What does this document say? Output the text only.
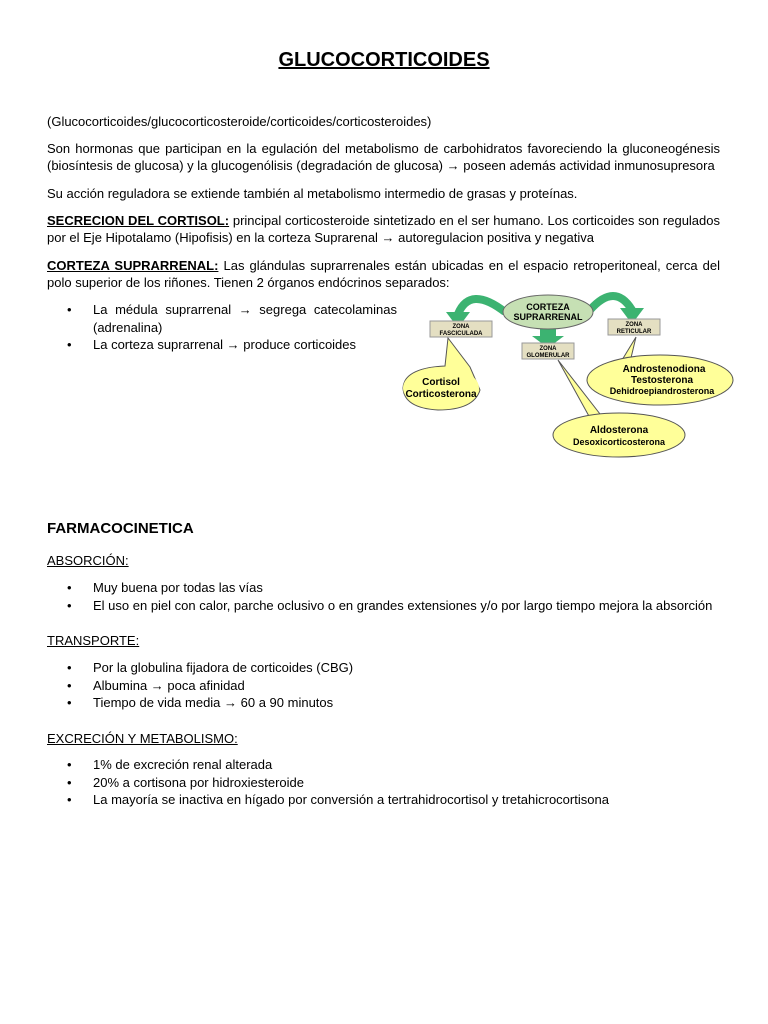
GLUCOCORTICOIDES

(Glucocorticoides/glucocorticosteroide/corticoides/corticosteroides)

Son hormonas que participan en la egulación del metabolismo de carbohidratos favoreciendo la gluconeogénesis (biosíntesis de glucosa) y la glucogenólisis (degradación de glucosa) → poseen además actividad inmunosupresora

Su acción reguladora se extiende también al metabolismo intermedio de grasas y proteínas.

SECRECION DEL CORTISOL: principal corticosteroide sintetizado en el ser humano. Los corticoides son regulados por el Eje Hipotalamo (Hipofisis) en la corteza Suprarenal → autoregulacion positiva y negativa

CORTEZA SUPRARRENAL: Las glándulas suprarrenales están ubicadas en el espacio retroperitoneal, cerca del polo superior de los riñones. Tienen 2 órganos endócrinos separados:

• La médula suprarrenal → segrega catecolaminas (adrenalina)
• La corteza suprarrenal → produce corticoides
CORTEZA
SUPRARRENAL
ZONA
FASCICULADA
ZONA
GLOMERULAR
ZONA
RETICULAR
Cortisol
Corticosterona
Androstenodiona
Testosterona
Dehidroepiandrosterona
Aldosterona
Desoxicorticosterona
FARMACOCINETICA
ABSORCIÓN:
• Muy buena por todas las vías
• El uso en piel con calor, parche oclusivo o en grandes extensiones y/o por largo tiempo mejora la absorción
TRANSPORTE:
• Por la globulina fijadora de corticoides (CBG)
• Albumina → poca afinidad
• Tiempo de vida media → 60 a 90 minutos
EXCRECIÓN Y METABOLISMO:
• 1% de excreción renal alterada
• 20% a cortisona por hidroxiesteroide
• La mayoría se inactiva en hígado por conversión a tertrahidrocortisol y tretahicrocortisona
